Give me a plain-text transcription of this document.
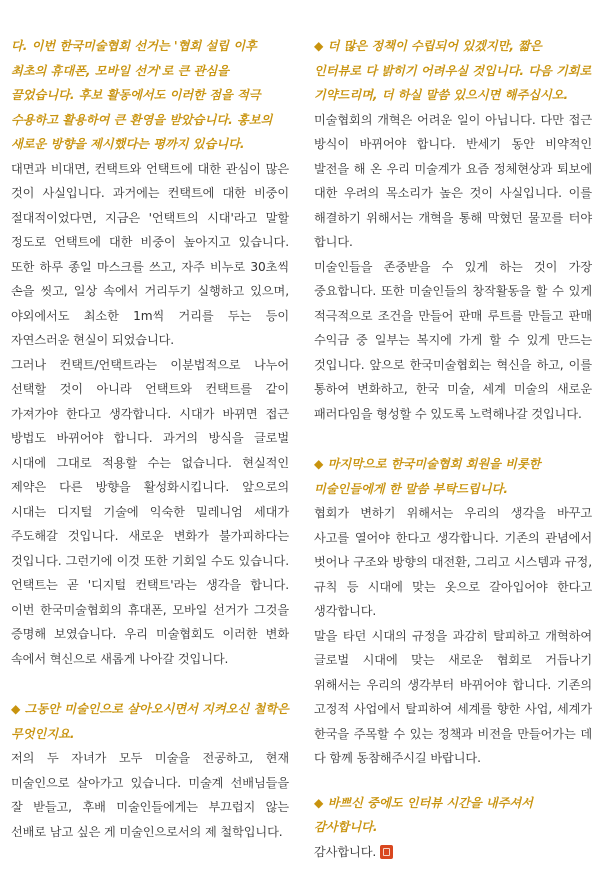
다. 이번 한국미술협회 선거는 '협회 설립 이후 최초의 휴대폰, 모바일 선거'로 큰 관심을 끌었습니다. 후보 활동에서도 이러한 점을 적극 수용하고 활용하여 큰 환영을 받았습니다. 홍보의 새로운 방향을 제시했다는 평까지 있습니다.

대면과 비대면, 컨택트와 언택트에 대한 관심이 많은 것이 사실입니다. 과거에는 컨택트에 대한 비중이 절대적이었다면, 지금은 '언택트의 시대'라고 말할 정도로 언택트에 대한 비중이 높아지고 있습니다. 또한 하루 종일 마스크를 쓰고, 자주 비누로 30초씩 손을 씻고, 일상 속에서 거리두기 실행하고 있으며, 야외에서도 최소한 1m씩 거리를 두는 등이 자연스러운 현실이 되었습니다.

그러나 컨택트/언택트라는 이분법적으로 나누어 선택할 것이 아니라 언택트와 컨택트를 같이 가져가야 한다고 생각합니다. 시대가 바뀌면 접근 방법도 바뀌어야 합니다. 과거의 방식을 글로벌 시대에 그대로 적용할 수는 없습니다. 현실적인 제약은 다른 방향을 활성화시킵니다. 앞으로의 시대는 디지털 기술에 익숙한 밀레니엄 세대가 주도해갈 것입니다. 새로운 변화가 불가피하다는 것입니다. 그런기에 이것 또한 기회일 수도 있습니다. 언택트는 곧 '디지털 컨택트'라는 생각을 합니다. 이번 한국미술협회의 휴대폰, 모바일 선거가 그것을 증명해 보였습니다. 우리 미술협회도 이러한 변화 속에서 혁신으로 새롭게 나아갈 것입니다.

◆ 그동안 미술인으로 살아오시면서 지켜오신 철학은 무엇인지요.

저의 두 자녀가 모두 미술을 전공하고, 현재 미술인으로 살아가고 있습니다. 미술계 선배님들을 잘 받들고, 후배 미술인들에게는 부끄럽지 않는 선배로 남고 싶은 게 미술인으로서의 제 철학입니다.

◆ 더 많은 정책이 수립되어 있겠지만, 짧은 인터뷰로 다 밝히기 어려우실 것입니다. 다음 기회로 기약드리며, 더 하실 말씀 있으시면 해주십시오.

미술협회의 개혁은 어려운 일이 아닙니다. 다만 접근 방식이 바뀌어야 합니다. 반세기 동안 비약적인 발전을 해 온 우리 미술계가 요즘 정체현상과 퇴보에 대한 우려의 목소리가 높은 것이 사실입니다. 이를 해결하기 위해서는 개혁을 통해 막혔던 물꼬를 터야 합니다.

미술인들을 존중받을 수 있게 하는 것이 가장 중요합니다. 또한 미술인들의 창작활동을 할 수 있게 적극적으로 조건을 만들어 판매 루트를 만들고 판매 수익금 중 일부는 복지에 가게 할 수 있게 만드는 것입니다. 앞으로 한국미술협회는 혁신을 하고, 이를 통하여 변화하고, 한국 미술, 세계 미술의 새로운 패러다임을 형성할 수 있도록 노력해나갈 것입니다.

◆ 마지막으로 한국미술협회 회원을 비롯한 미술인들에게 한 말씀 부탁드립니다.

협회가 변하기 위해서는 우리의 생각을 바꾸고 사고를 열어야 한다고 생각합니다. 기존의 관념에서 벗어나 구조와 방향의 대전환, 그리고 시스템과 규정, 규칙 등 시대에 맞는 옷으로 갈아입어야 한다고 생각합니다.

말을 타던 시대의 규정을 과감히 탈피하고 개혁하여 글로벌 시대에 맞는 새로운 협회로 거듭나기 위해서는 우리의 생각부터 바뀌어야 합니다. 기존의 고정적 사업에서 탈피하여 세계를 향한 사업, 세계가 한국을 주목할 수 있는 정책과 비전을 만들어가는 데 다 함께 동참해주시길 바랍니다.

◆ 바쁘신 중에도 인터뷰 시간을 내주셔서 감사합니다.

감사합니다.
